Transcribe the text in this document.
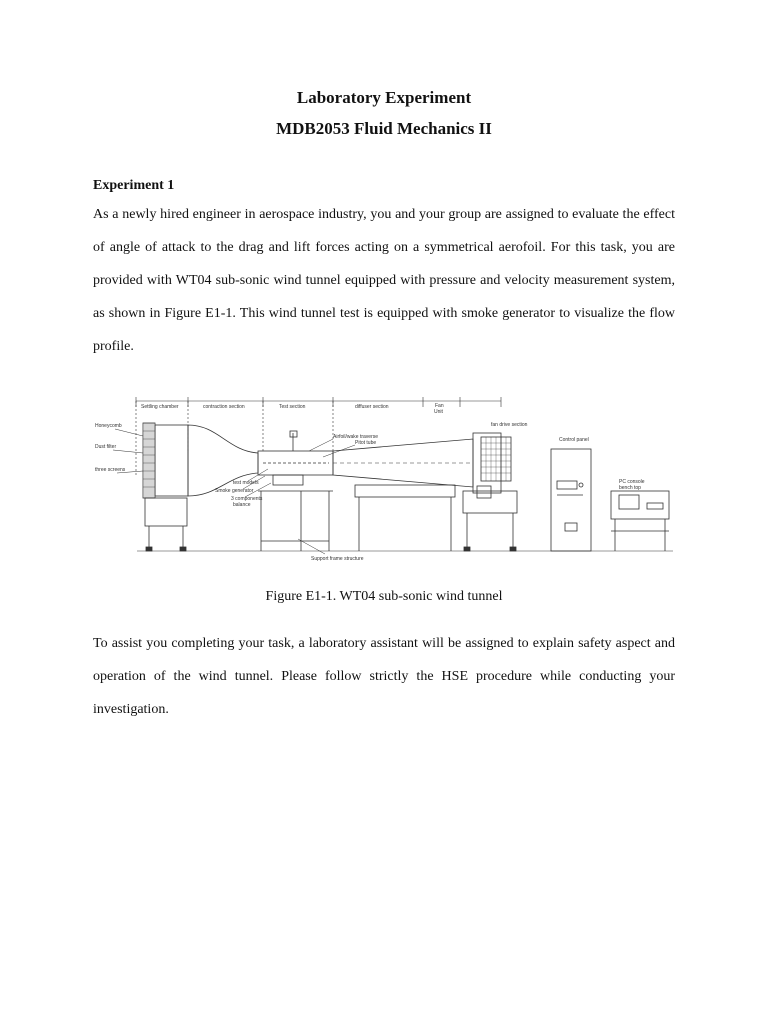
Laboratory Experiment
MDB2053 Fluid Mechanics II
Experiment 1
As a newly hired engineer in aerospace industry, you and your group are assigned to evaluate the effect of angle of attack to the drag and lift forces acting on a symmetrical aerofoil. For this task, you are provided with WT04 sub-sonic wind tunnel equipped with pressure and velocity measurement system, as shown in Figure E1-1. This wind tunnel test is equipped with smoke generator to visualize the flow profile.
Settling chamber	contraction section	Test section	diffuser section	Fan
Unit
Honeycomb
Dust filter
three screens
Airfoil/wake traverse
Pitot tube
fan drive section
Control panel
test models
Smoke generator
3 components
balance
PC console
bench top
Support frame structure
Figure E1-1. WT04 sub-sonic wind tunnel
To assist you completing your task, a laboratory assistant will be assigned to explain safety aspect and operation of the wind tunnel. Please follow strictly the HSE procedure while conducting your investigation.
